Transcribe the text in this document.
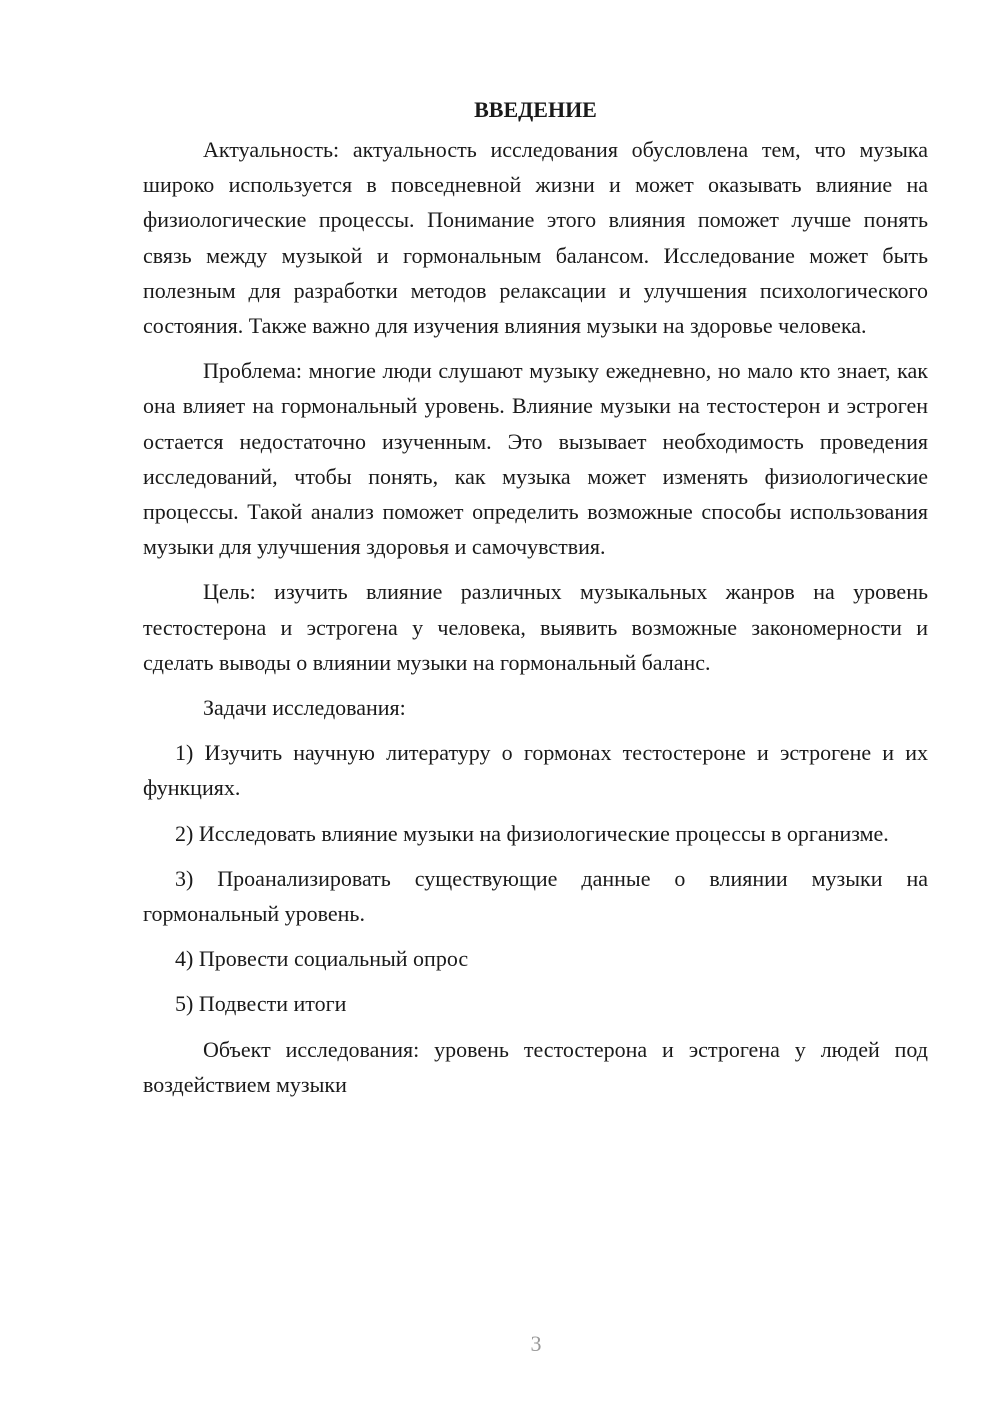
ВВЕДЕНИЕ

Актуальность: актуальность исследования обусловлена тем, что музыка широко используется в повседневной жизни и может оказывать влияние на физиологические процессы. Понимание этого влияния поможет лучше понять связь между музыкой и гормональным балансом. Исследование может быть полезным для разработки методов релаксации и улучшения психологического состояния. Также важно для изучения влияния музыки на здоровье человека.

Проблема: многие люди слушают музыку ежедневно, но мало кто знает, как она влияет на гормональный уровень. Влияние музыки на тестостерон и эстроген остается недостаточно изученным. Это вызывает необходимость проведения исследований, чтобы понять, как музыка может изменять физиологические процессы. Такой анализ поможет определить возможные способы использования музыки для улучшения здоровья и самочувствия.

Цель: изучить влияние различных музыкальных жанров на уровень тестостерона и эстрогена у человека, выявить возможные закономерности и сделать выводы о влиянии музыки на гормональный баланс.

Задачи исследования:

1) Изучить научную литературу о гормонах тестостероне и эстрогене и их функциях.

2) Исследовать влияние музыки на физиологические процессы в организме.

3) Проанализировать существующие данные о влиянии музыки на гормональный уровень.

4) Провести социальный опрос

5) Подвести итоги

Объект исследования: уровень тестостерона и эстрогена у людей под воздействием музыки

3
